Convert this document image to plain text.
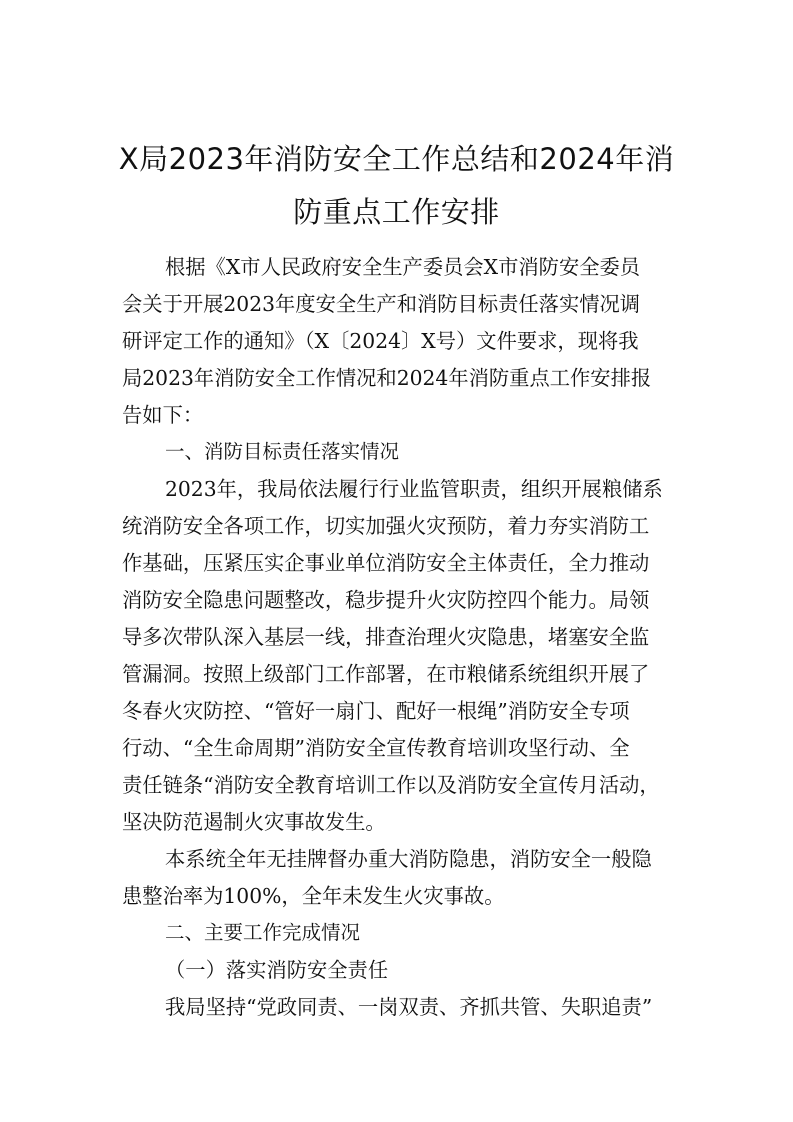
X局2023年消防安全工作总结和2024年消
防重点工作安排
根据《X市人民政府安全生产委员会X市消防安全委员
会关于开展2023年度安全生产和消防目标责任落实情况调
研评定工作的通知》（X〔2024〕X号）文件要求，现将我
局2023年消防安全工作情况和2024年消防重点工作安排报
告如下：
一、消防目标责任落实情况
2023年，我局依法履行行业监管职责，组织开展粮储系
统消防安全各项工作，切实加强火灾预防，着力夯实消防工
作基础，压紧压实企事业单位消防安全主体责任，全力推动
消防安全隐患问题整改，稳步提升火灾防控四个能力。局领
导多次带队深入基层一线，排查治理火灾隐患，堵塞安全监
管漏洞。按照上级部门工作部署，在市粮储系统组织开展了
冬春火灾防控、“管好一扇门、配好一根绳”消防安全专项
行动、“全生命周期”消防安全宣传教育培训攻坚行动、全
责任链条“消防安全教育培训工作以及消防安全宣传月活动，
坚决防范遏制火灾事故发生。
本系统全年无挂牌督办重大消防隐患，消防安全一般隐
患整治率为100%，全年未发生火灾事故。
二、主要工作完成情况
（一）落实消防安全责任
我局坚持“党政同责、一岗双责、齐抓共管、失职追责”
